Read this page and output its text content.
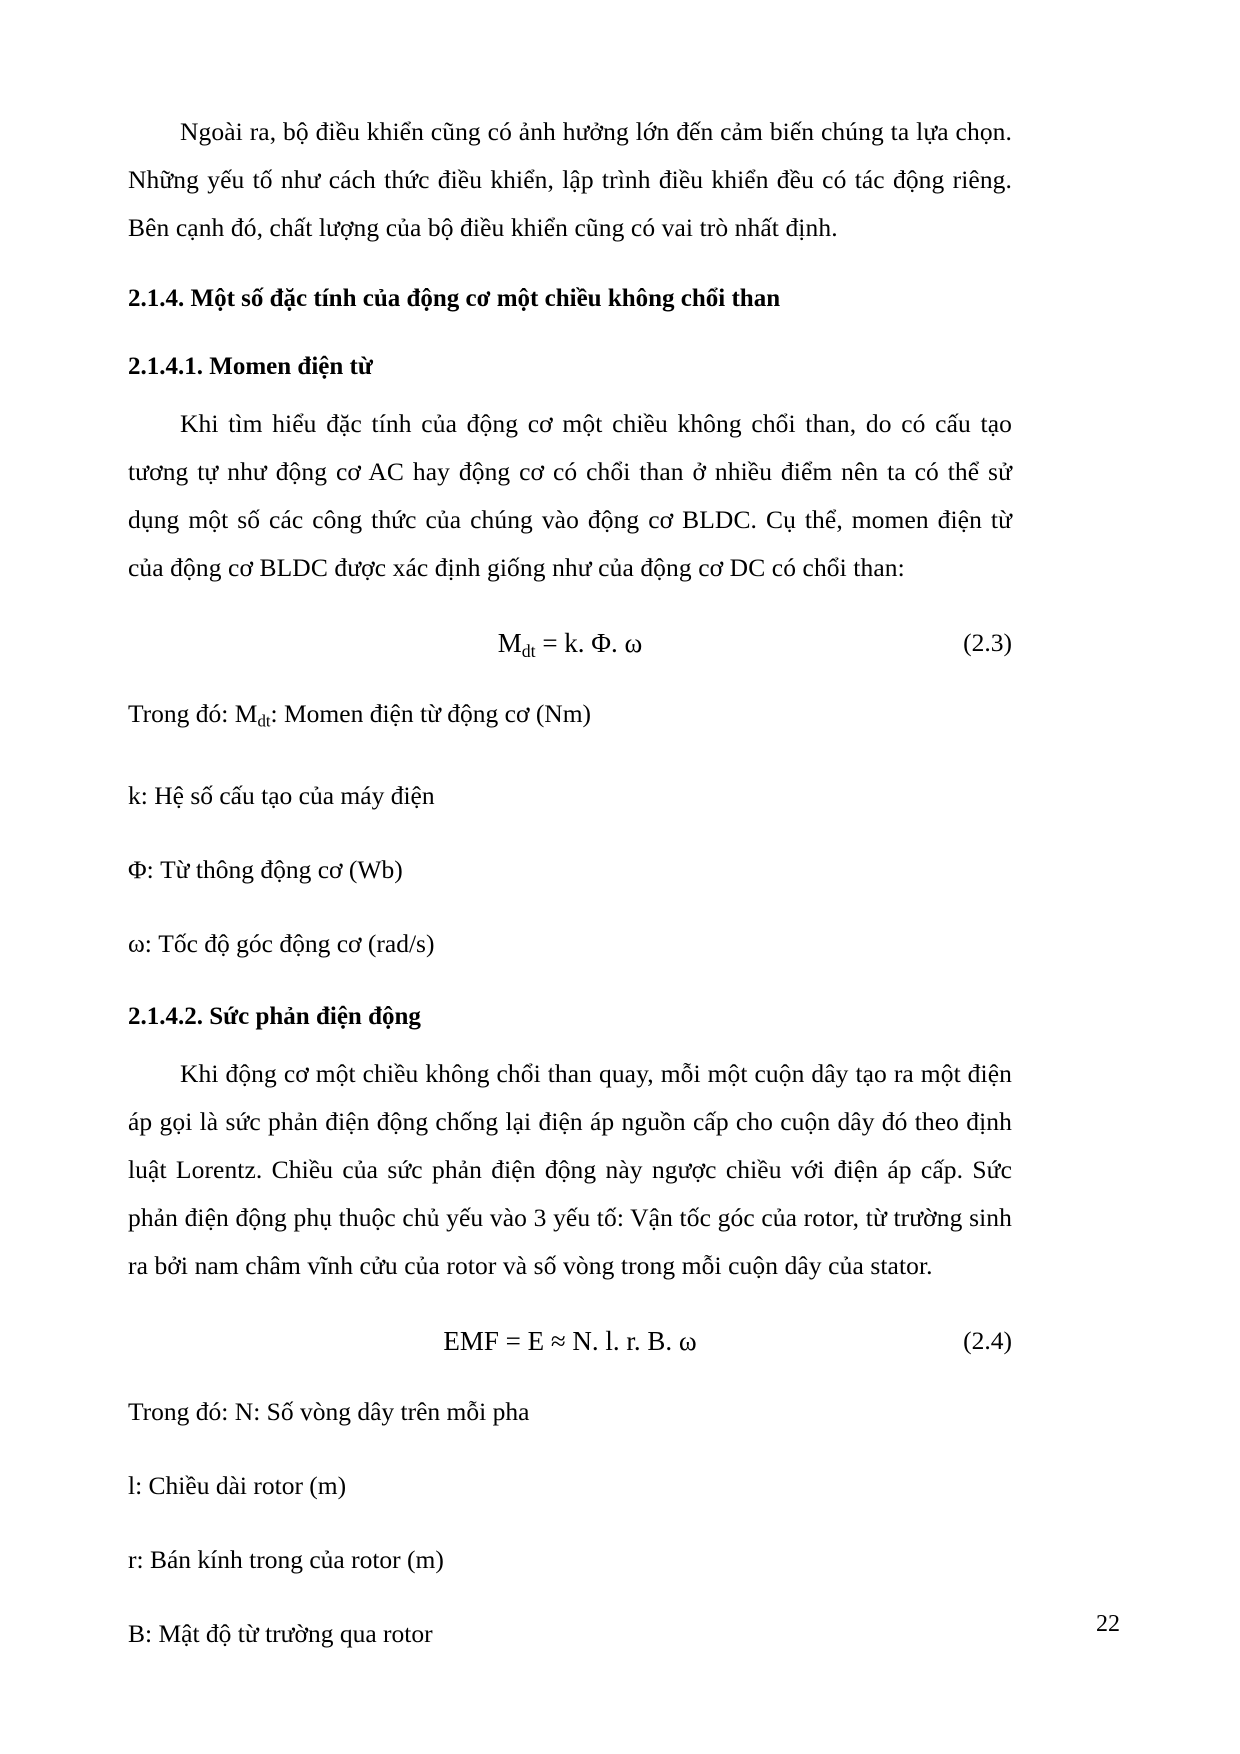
Ngoài ra, bộ điều khiển cũng có ảnh hưởng lớn đến cảm biến chúng ta lựa chọn. Những yếu tố như cách thức điều khiển, lập trình điều khiển đều có tác động riêng. Bên cạnh đó, chất lượng của bộ điều khiển cũng có vai trò nhất định.

2.1.4. Một số đặc tính của động cơ một chiều không chổi than
2.1.4.1. Momen điện từ

Khi tìm hiểu đặc tính của động cơ một chiều không chổi than, do có cấu tạo tương tự như động cơ AC hay động cơ có chổi than ở nhiều điểm nên ta có thể sử dụng một số các công thức của chúng vào động cơ BLDC. Cụ thể, momen điện từ của động cơ BLDC được xác định giống như của động cơ DC có chổi than:

$M_{dt} = k$. Φ. ω	(2.3)

Trong đó: $M_{dt}$: Momen điện từ động cơ (Nm)

k: Hệ số cấu tạo của máy điện

Φ: Từ thông động cơ (Wb)

ω: Tốc độ góc động cơ (rad/s)

2.1.4.2. Sức phản điện động

Khi động cơ một chiều không chổi than quay, mỗi một cuộn dây tạo ra một điện áp gọi là sức phản điện động chống lại điện áp nguồn cấp cho cuộn dây đó theo định luật Lorentz. Chiều của sức phản điện động này ngược chiều với điện áp cấp. Sức phản điện động phụ thuộc chủ yếu vào 3 yếu tố: Vận tốc góc của rotor, từ trường sinh ra bởi nam châm vĩnh cửu của rotor và số vòng trong mỗi cuộn dây của stator.

EMF = E ≈ N. l. r. B. ω	(2.4)

Trong đó: N: Số vòng dây trên mỗi pha

l: Chiều dài rotor (m)

r: Bán kính trong của rotor (m)

B: Mật độ từ trường qua rotor	22
